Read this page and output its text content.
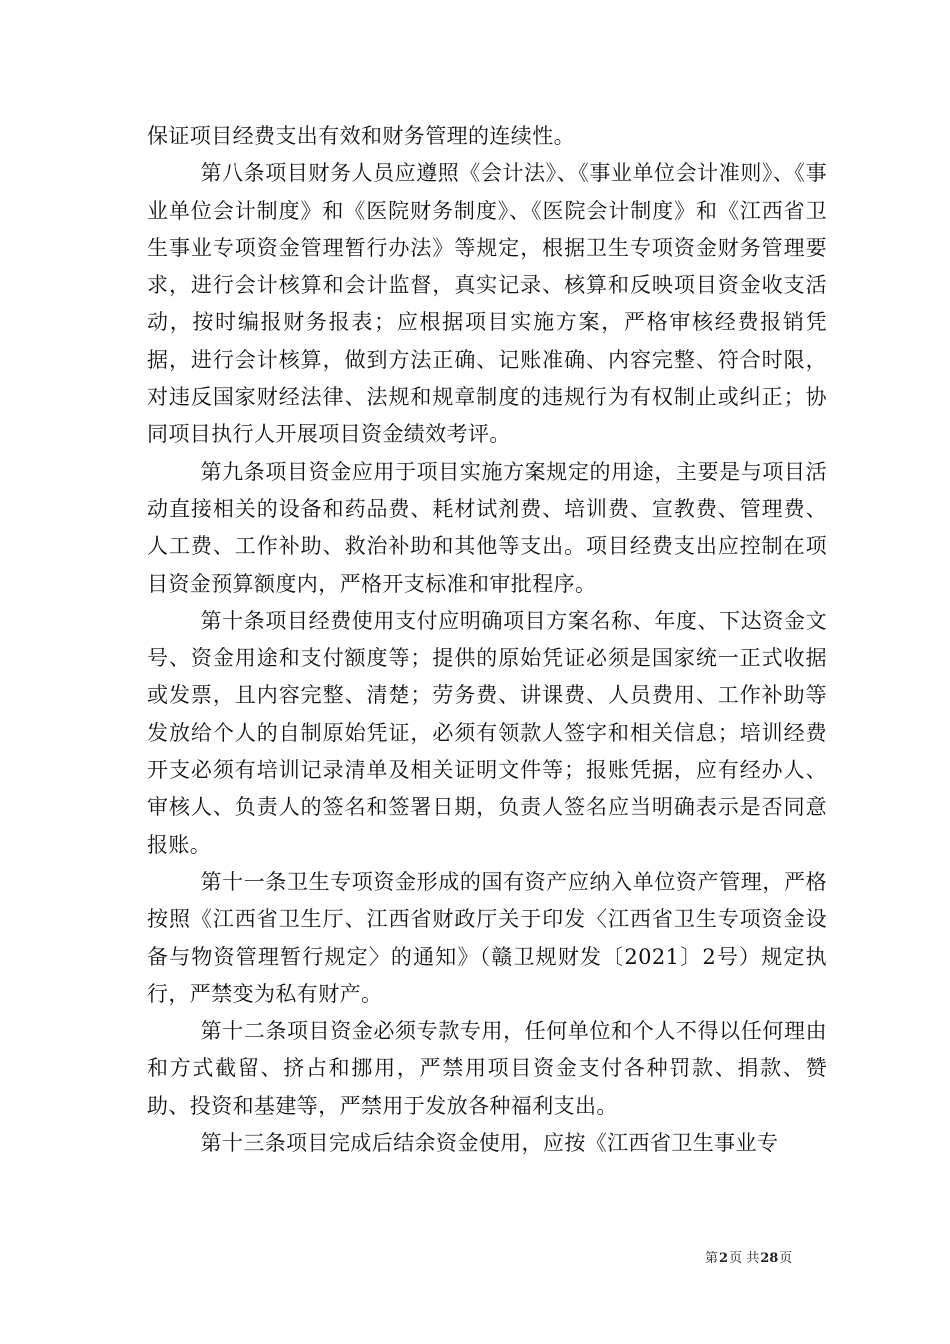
保证项目经费支出有效和财务管理的连续性。

第八条项目财务人员应遵照《会计法》、《事业单位会计准则》、《事业单位会计制度》和《医院财务制度》、《医院会计制度》和《江西省卫生事业专项资金管理暂行办法》等规定，根据卫生专项资金财务管理要求，进行会计核算和会计监督，真实记录、核算和反映项目资金收支活动，按时编报财务报表；应根据项目实施方案，严格审核经费报销凭据，进行会计核算，做到方法正确、记账准确、内容完整、符合时限，对违反国家财经法律、法规和规章制度的违规行为有权制止或纠正；协同项目执行人开展项目资金绩效考评。

第九条项目资金应用于项目实施方案规定的用途，主要是与项目活动直接相关的设备和药品费、耗材试剂费、培训费、宣教费、管理费、人工费、工作补助、救治补助和其他等支出。项目经费支出应控制在项目资金预算额度内，严格开支标准和审批程序。

第十条项目经费使用支付应明确项目方案名称、年度、下达资金文号、资金用途和支付额度等；提供的原始凭证必须是国家统一正式收据或发票，且内容完整、清楚；劳务费、讲课费、人员费用、工作补助等发放给个人的自制原始凭证，必须有领款人签字和相关信息；培训经费开支必须有培训记录清单及相关证明文件等；报账凭据，应有经办人、审核人、负责人的签名和签署日期，负责人签名应当明确表示是否同意报账。

第十一条卫生专项资金形成的国有资产应纳入单位资产管理，严格按照《江西省卫生厅、江西省财政厅关于印发〈江西省卫生专项资金设备与物资管理暂行规定〉的通知》（赣卫规财发〔2021〕2号）规定执行，严禁变为私有财产。

第十二条项目资金必须专款专用，任何单位和个人不得以任何理由和方式截留、挤占和挪用，严禁用项目资金支付各种罚款、捐款、赞助、投资和基建等，严禁用于发放各种福利支出。

第十三条项目完成后结余资金使用，应按《江西省卫生事业专

第2页 共28页
